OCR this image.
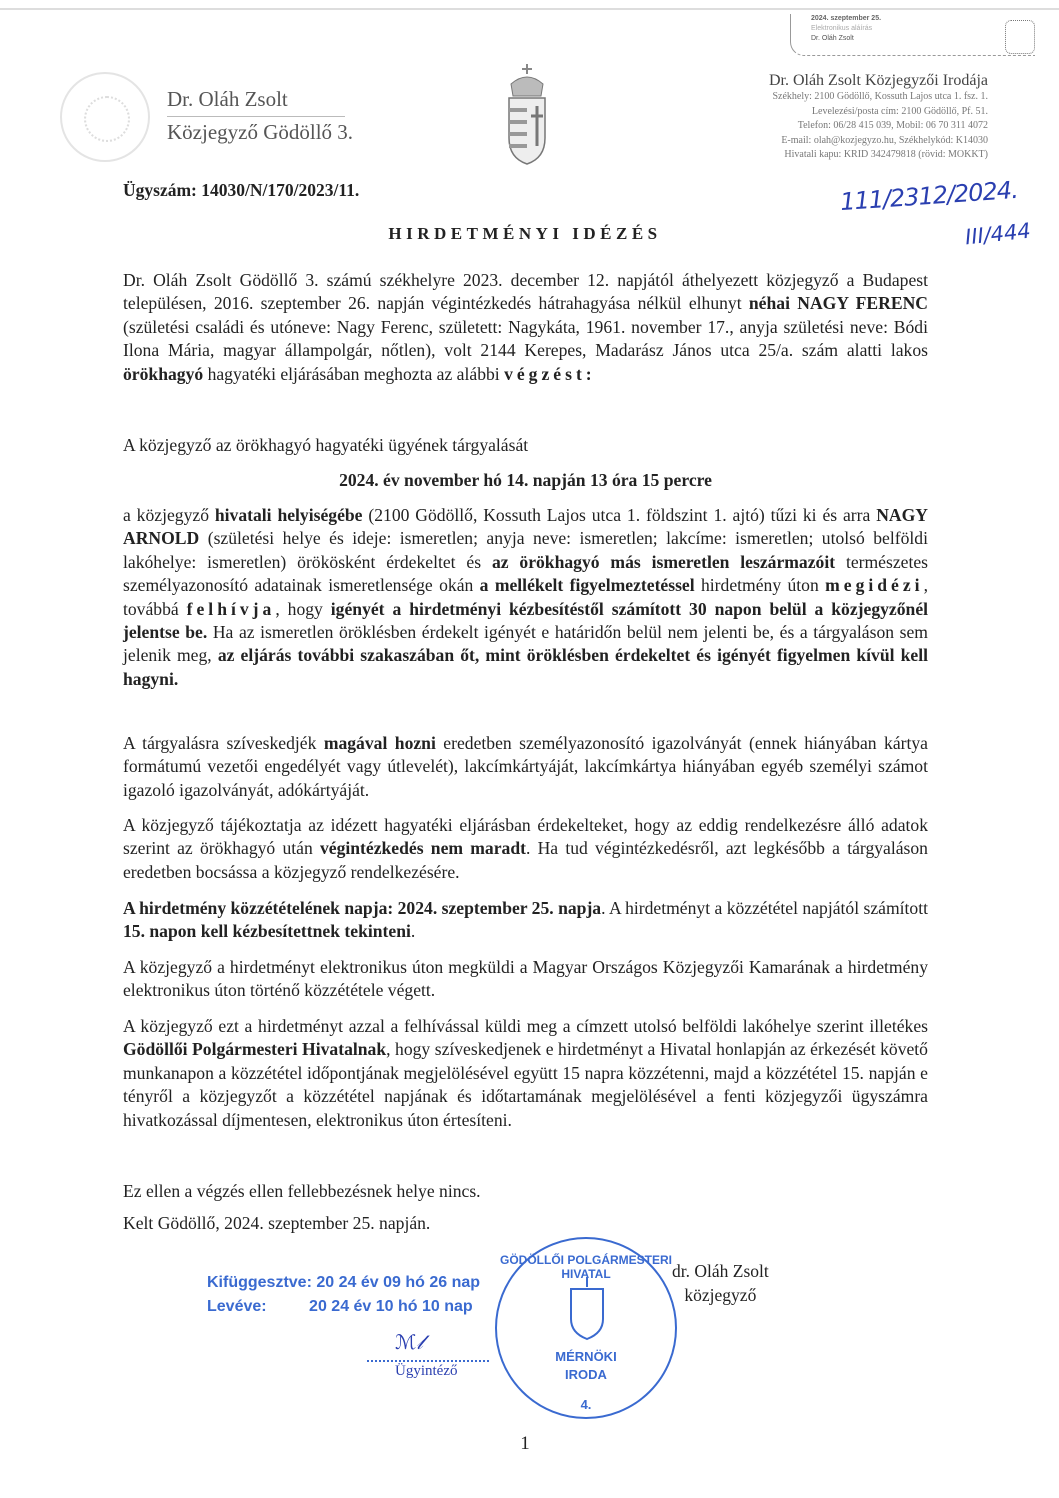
2024. szeptember 25.
Elektronikus aláírás
Dr. Oláh Zsolt
Dr. Oláh Zsolt
Közjegyző Gödöllő 3.
Dr. Oláh Zsolt Közjegyzői Irodája
Székhely: 2100 Gödöllő, Kossuth Lajos utca 1. fsz. 1.
Levelezési/posta cím: 2100 Gödöllő, Pf. 51.
Telefon: 06/28 415 039, Mobil: 06 70 311 4072
E-mail: olah@kozjegyzo.hu, Székhelykód: K14030
Hivatali kapu: KRID 342479818 (rövid: MOKKT)
Ügyszám: 14030/N/170/2023/11.	111/2312/2024.
III/444
HIRDETMÉNYI IDÉZÉS
Dr. Oláh Zsolt Gödöllő 3. számú székhelyre 2023. december 12. napjától áthelyezett közjegyző a Budapest településen, 2016. szeptember 26. napján végintézkedés hátrahagyása nélkül elhunyt néhai NAGY FERENC (születési családi és utóneve: Nagy Ferenc, született: Nagykáta, 1961. november 17., anyja születési neve: Bódi Ilona Mária, magyar állampolgár, nőtlen), volt 2144 Kerepes, Madarász János utca 25/a. szám alatti lakos örökhagyó hagyatéki eljárásában meghozta az alábbi végzést:
A közjegyző az örökhagyó hagyatéki ügyének tárgyalását
2024. év november hó 14. napján 13 óra 15 percre
a közjegyző hivatali helyiségébe (2100 Gödöllő, Kossuth Lajos utca 1. földszint 1. ajtó) tűzi ki és arra NAGY ARNOLD (születési helye és ideje: ismeretlen; anyja neve: ismeretlen; lakcíme: ismeretlen; utolsó belföldi lakóhelye: ismeretlen) örökösként érdekeltet és az örökhagyó más ismeretlen leszármazóit természetes személyazonosító adatainak ismeretlensége okán a mellékelt figyelmeztetéssel hirdetmény úton megidézi, továbbá felhívja, hogy igényét a hirdetményi kézbesítéstől számított 30 napon belül a közjegyzőnél jelentse be. Ha az ismeretlen öröklésben érdekelt igényét e határidőn belül nem jelenti be, és a tárgyaláson sem jelenik meg, az eljárás további szakaszában őt, mint öröklésben érdekeltet és igényét figyelmen kívül kell hagyni.
A tárgyalásra szíveskedjék magával hozni eredetben személyazonosító igazolványát (ennek hiányában kártya formátumú vezetői engedélyét vagy útlevelét), lakcímkártyáját, lakcímkártya hiányában egyéb személyi számot igazoló igazolványát, adókártyáját.
A közjegyző tájékoztatja az idézett hagyatéki eljárásban érdekelteket, hogy az eddig rendelkezésre álló adatok szerint az örökhagyó után végintézkedés nem maradt. Ha tud végintézkedésről, azt legkésőbb a tárgyaláson eredetben bocsássa a közjegyző rendelkezésére.
A hirdetmény közzétételének napja: 2024. szeptember 25. napja. A hirdetményt a közzététel napjától számított 15. napon kell kézbesítettnek tekinteni.
A közjegyző a hirdetményt elektronikus úton megküldi a Magyar Országos Közjegyzői Kamarának a hirdetmény elektronikus úton történő közzététele végett.
A közjegyző ezt a hirdetményt azzal a felhívással küldi meg a címzett utolsó belföldi lakóhelye szerint illetékes Gödöllői Polgármesteri Hivatalnak, hogy szíveskedjenek e hirdetményt a Hivatal honlapján az érkezését követő munkanapon a közzététel időpontjának megjelölésével együtt 15 napra közzétenni, majd a közzététel 15. napján e tényről a közjegyzőt a közzététel napjának és időtartamának megjelölésével a fenti közjegyzői ügyszámra hivatkozással díjmentesen, elektronikus úton értesíteni.
Ez ellen a végzés ellen fellebbezésnek helye nincs.
Kelt Gödöllő, 2024. szeptember 25. napján.
Kifüggesztve: 20 24 év 09 hó 26 nap
Levéve:	20 24 év 10 hó 10 nap
ℳ𝓁
Ügyintéző
GÖDÖLLŐI POLGÁRMESTERI HIVATAL
MÉRNÖKI
IRODA
4.
dr. Oláh Zsolt
közjegyző
1
